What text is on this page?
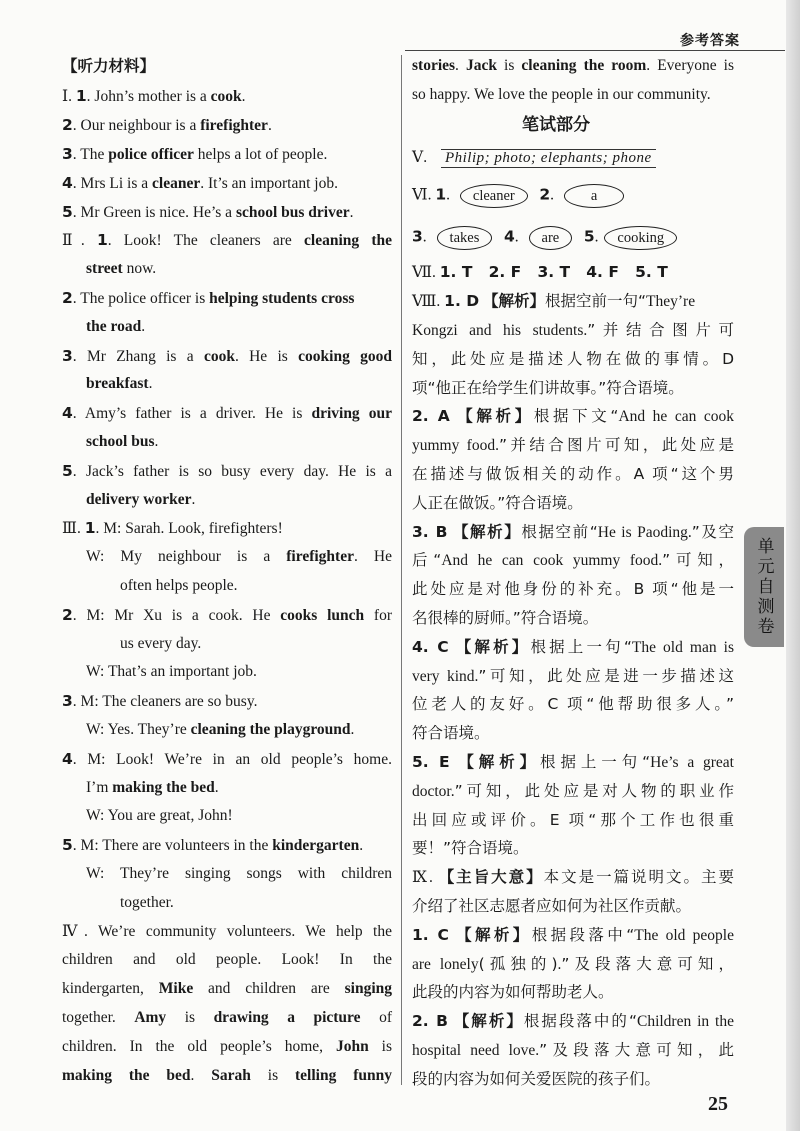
参考答案
【听力材料】
Ⅰ. 1. John’s mother is a cook.
2. Our neighbour is a firefighter.
3. The police officer helps a lot of people.
4. Mrs Li is a cleaner. It’s an important job.
5. Mr Green is nice. He’s a school bus driver.
Ⅱ. 1. Look! The cleaners are cleaning the
street now.
2. The police officer is helping students cross
the road.
3. Mr Zhang is a cook. He is cooking good
breakfast.
4. Amy’s father is a driver. He is driving our
school bus.
5. Jack’s father is so busy every day. He is a
delivery worker.
Ⅲ. 1. M: Sarah. Look, firefighters!
W: My neighbour is a firefighter. He
often helps people.
2. M: Mr Xu is a cook. He cooks lunch for
us every day.
W: That’s an important job.
3. M: The cleaners are so busy.
W: Yes. They’re cleaning the playground.
4. M: Look! We’re in an old people’s home.
I’m making the bed.
W: You are great, John!
5. M: There are volunteers in the kindergarten.
W: They’re singing songs with children
together.
Ⅳ. We’re community volunteers. We help the
children and old people. Look! In the
kindergarten, Mike and children are singing
together. Amy is drawing a picture of
children. In the old people’s home, John is
making the bed. Sarah is telling funny
stories. Jack is cleaning the room. Everyone is
so happy. We love the people in our community.
笔试部分
Ⅴ. Philip; photo; elephants; phone
Ⅵ. 1. cleaner 2. a
3. takes 4. are 5. cooking
Ⅶ. 1. T   2. F   3. T   4. F   5. T
Ⅷ. 1. D 【解析】根据空前一句“They’re
Kongzi and his students.”并结合图片可
知，此处应是描述人物在做的事情。D
项“他正在给学生们讲故事。”符合语境。
2. A 【解析】根据下文“And he can cook
yummy food.”并结合图片可知，此处应是
在描述与做饭相关的动作。A 项“这个男
人正在做饭。”符合语境。
3. B 【解析】根据空前“He is Paoding.”及空
后“And he can cook yummy food.”可知，
此处应是对他身份的补充。B 项“他是一
名很棒的厨师。”符合语境。
4. C 【解析】根据上一句“The old man is
very kind.”可知，此处应是进一步描述这
位老人的友好。C 项“他帮助很多人。”
符合语境。
5. E 【解析】根据上一句“He’s a great
doctor.”可知，此处应是对人物的职业作
出回应或评价。E 项“那个工作也很重
要！”符合语境。
Ⅸ. 【主旨大意】本文是一篇说明文。主要
介绍了社区志愿者应如何为社区作贡献。
1. C 【解析】根据段落中“The old people
are lonely(孤独的).”及段落大意可知，
此段的内容为如何帮助老人。
2. B 【解析】根据段落中的“Children in the
hospital need love.”及段落大意可知，此
段的内容为如何关爱医院的孩子们。
单元自测卷
25
